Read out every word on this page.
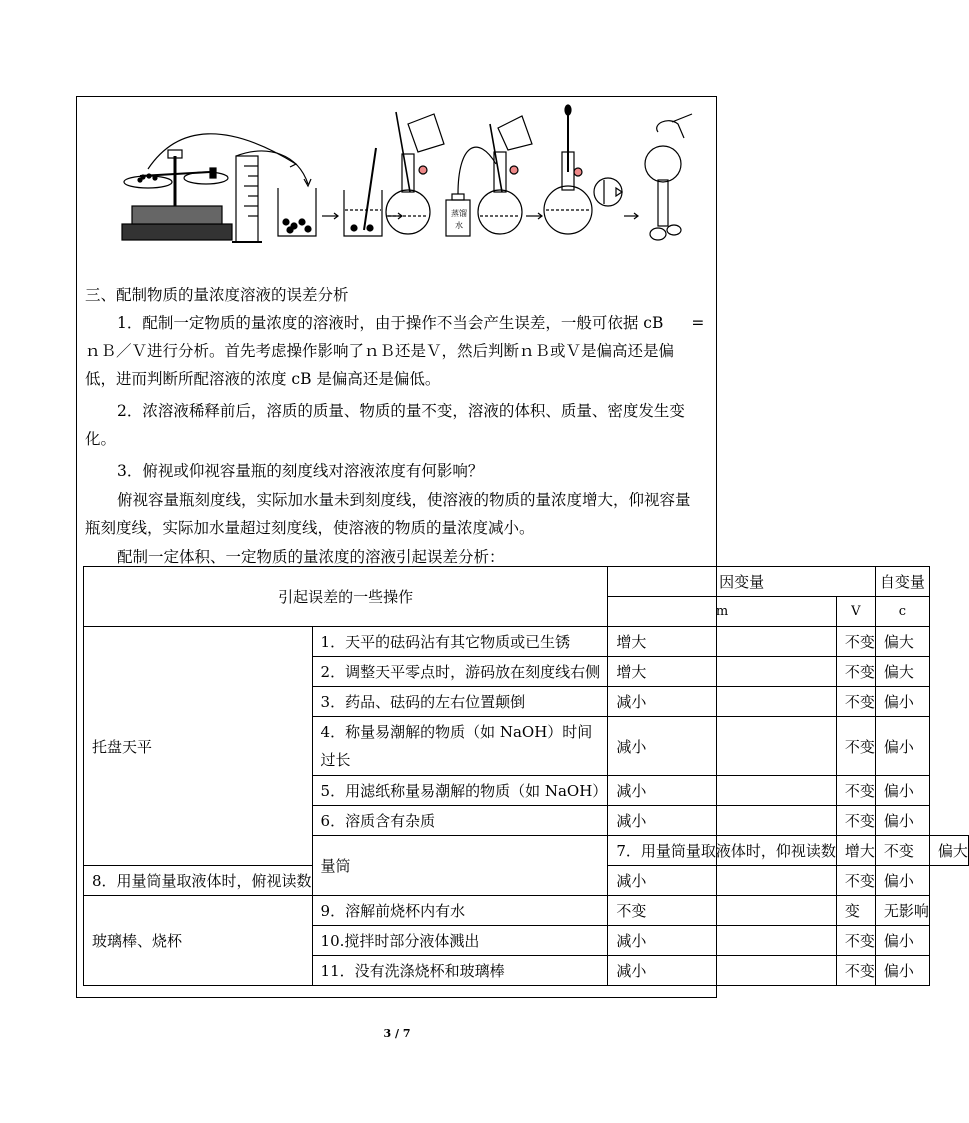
蒸馏
水
三、配制物质的量浓度溶液的误差分析
1．配制一定物质的量浓度的溶液时，由于操作不当会产生误差，一般可依据 cB =
ｎＢ／Ｖ进行分析。首先考虑操作影响了ｎＢ还是Ｖ，然后判断ｎＢ或Ｖ是偏高还是偏
低，进而判断所配溶液的浓度 cB 是偏高还是偏低。
2．浓溶液稀释前后，溶质的质量、物质的量不变，溶液的体积、质量、密度发生变
化。
3．俯视或仰视容量瓶的刻度线对溶液浓度有何影响？
俯视容量瓶刻度线，实际加水量未到刻度线，使溶液的物质的量浓度增大，仰视容量
瓶刻度线，实际加水量超过刻度线，使溶液的物质的量浓度减小。
配制一定体积、一定物质的量浓度的溶液引起误差分析：
引起误差的一些操作		因变量		自变量	
		m	V	c	
托盘天平	1．天平的砝码沾有其它物质或已生锈	增大	不变	偏大	
	2．调整天平零点时，游码放在刻度线右侧	增大	不变	偏大	
	3．药品、砝码的左右位置颠倒	减小	不变	偏小	
	4．称量易潮解的物质（如 NaOH）时间过长	减小	不变	偏小	
	5．用滤纸称量易潮解的物质（如 NaOH）	减小	不变	偏小	
	6．溶质含有杂质	减小	不变	偏小	
	量筒	7．用量筒量取液体时，仰视读数	增大	不变	偏大
8．用量筒量取液体时，俯视读数		减小	不变	偏小	
玻璃棒、烧杯	9．溶解前烧杯内有水	不变	变	无影响	
	10.搅拌时部分液体溅出	减小	不变	偏小	
	11．没有洗涤烧杯和玻璃棒	减小	不变	偏小	
3 / 7
